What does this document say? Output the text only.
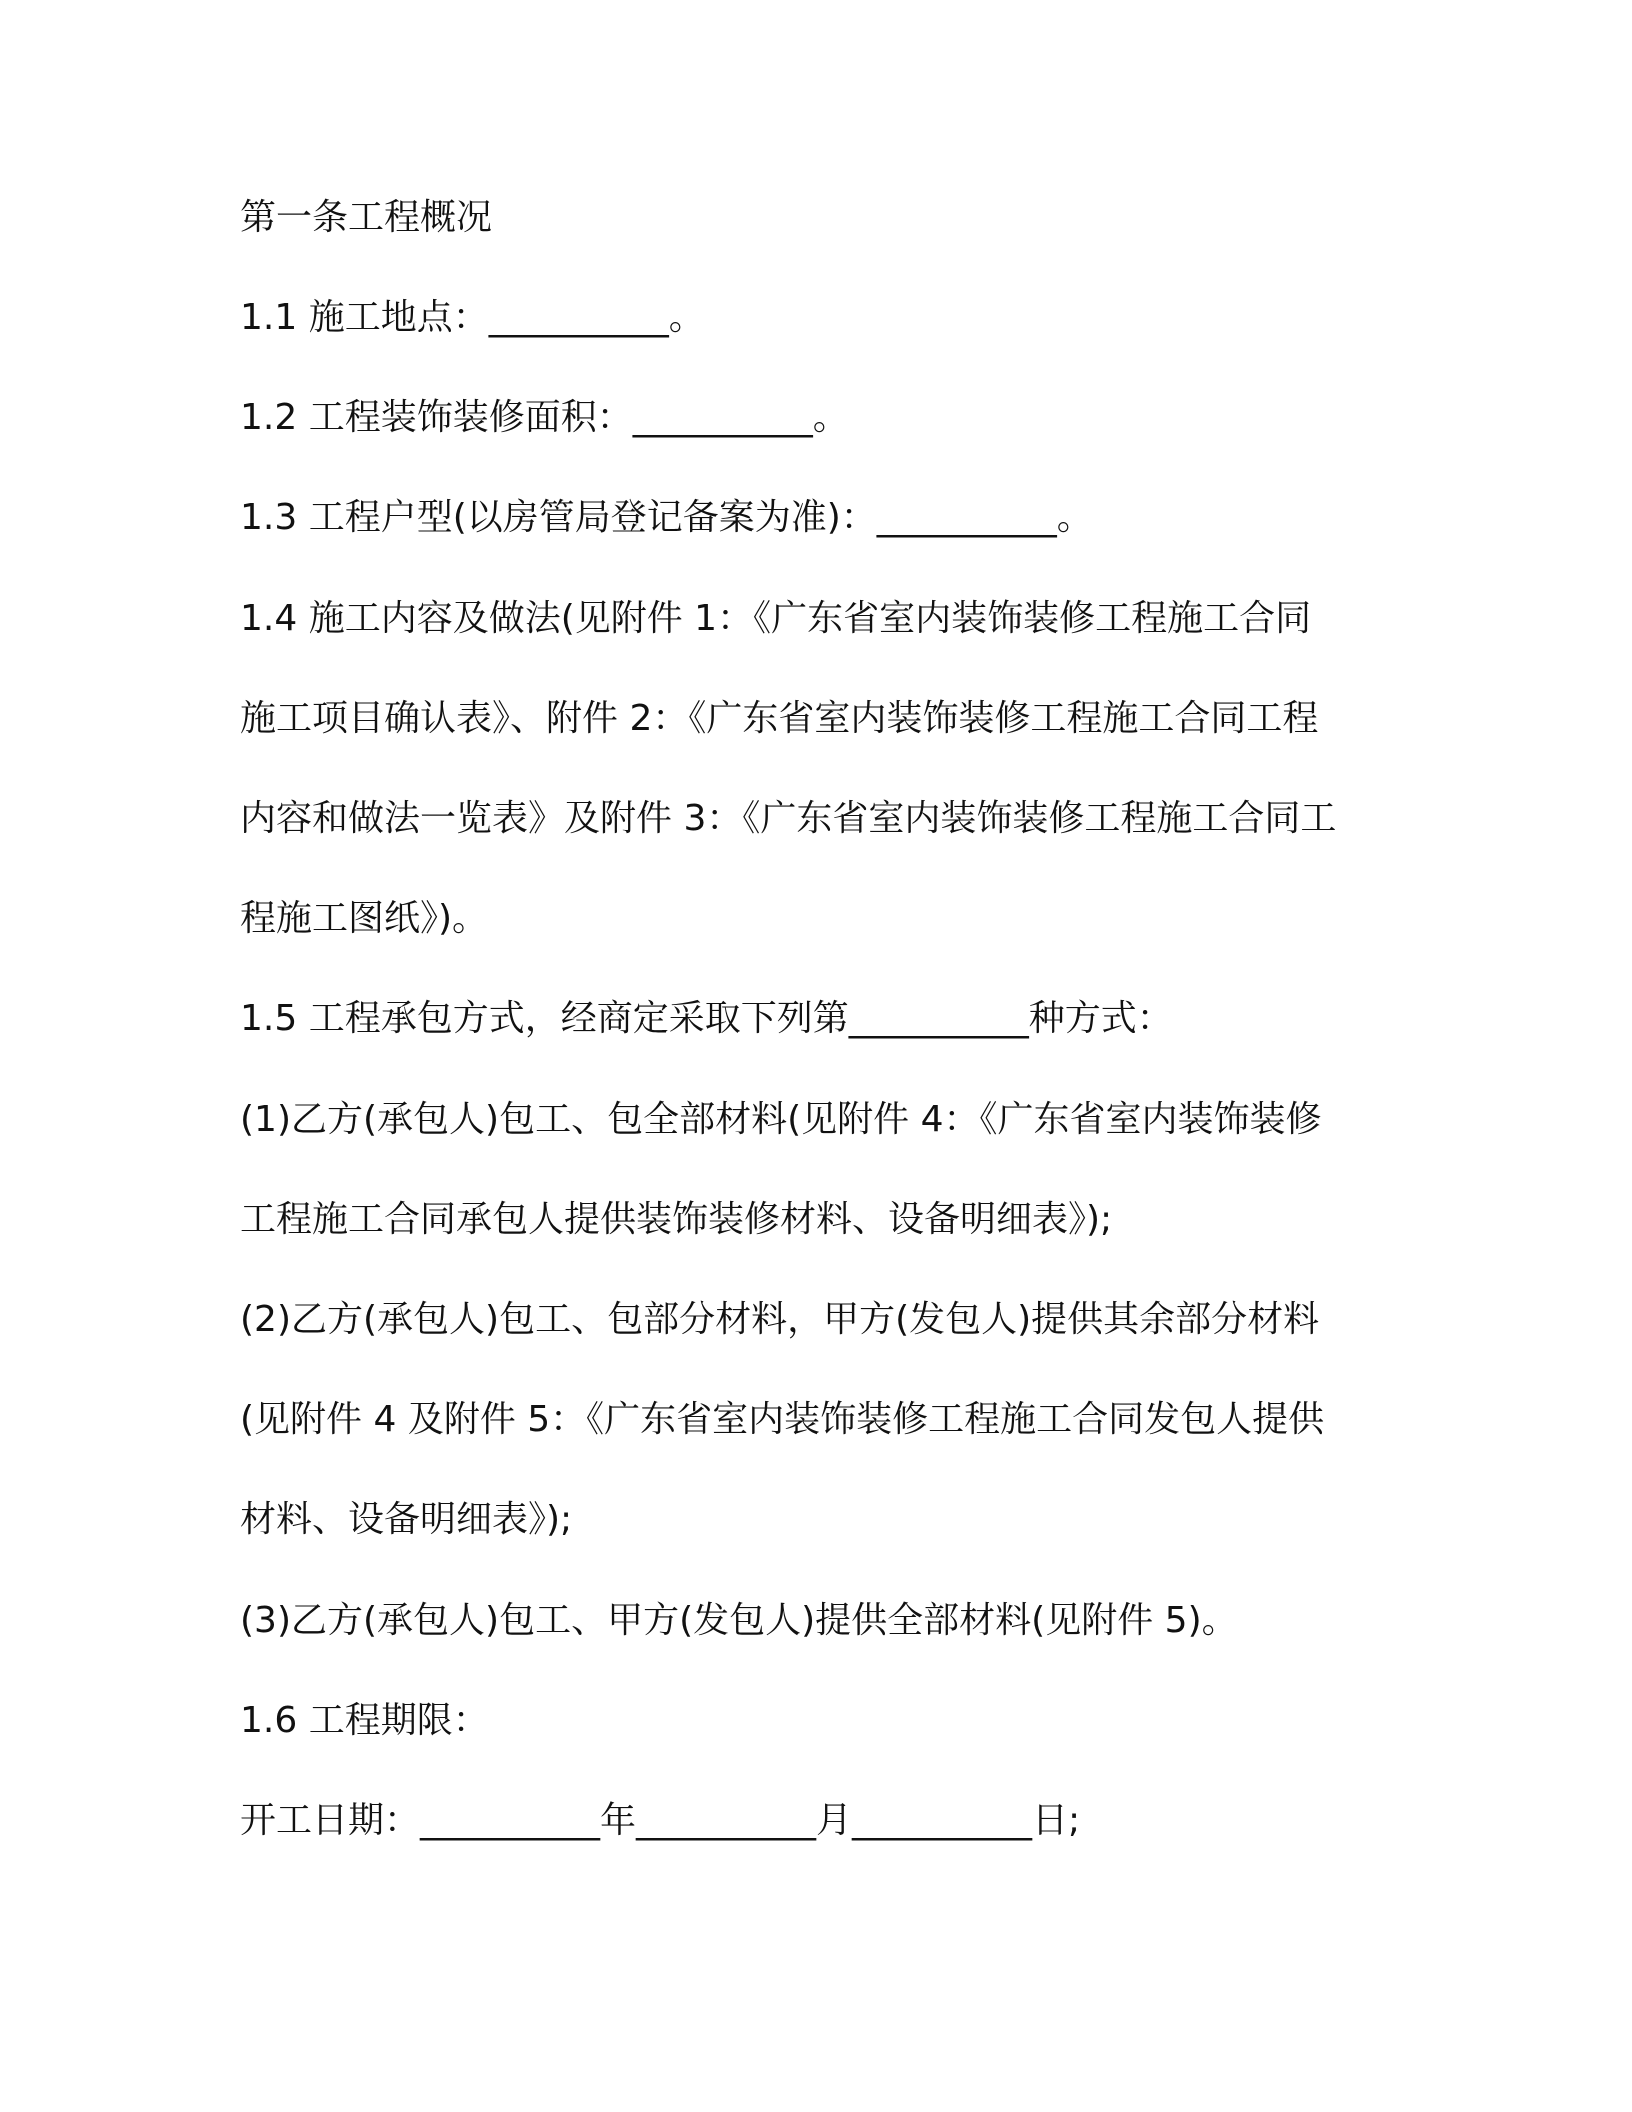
第一条工程概况
1.1 施工地点：__________。
1.2 工程装饰装修面积：__________。
1.3 工程户型(以房管局登记备案为准)：__________。
1.4 施工内容及做法(见附件 1：《广东省室内装饰装修工程施工合同
施工项目确认表》、附件 2：《广东省室内装饰装修工程施工合同工程
内容和做法一览表》及附件 3：《广东省室内装饰装修工程施工合同工
程施工图纸》)。
1.5 工程承包方式，经商定采取下列第__________种方式：
(1)乙方(承包人)包工、包全部材料(见附件 4：《广东省室内装饰装修
工程施工合同承包人提供装饰装修材料、设备明细表》);
(2)乙方(承包人)包工、包部分材料，甲方(发包人)提供其余部分材料
(见附件 4 及附件 5：《广东省室内装饰装修工程施工合同发包人提供
材料、设备明细表》);
(3)乙方(承包人)包工、甲方(发包人)提供全部材料(见附件 5)。
1.6 工程期限：
开工日期：__________年__________月__________日;
